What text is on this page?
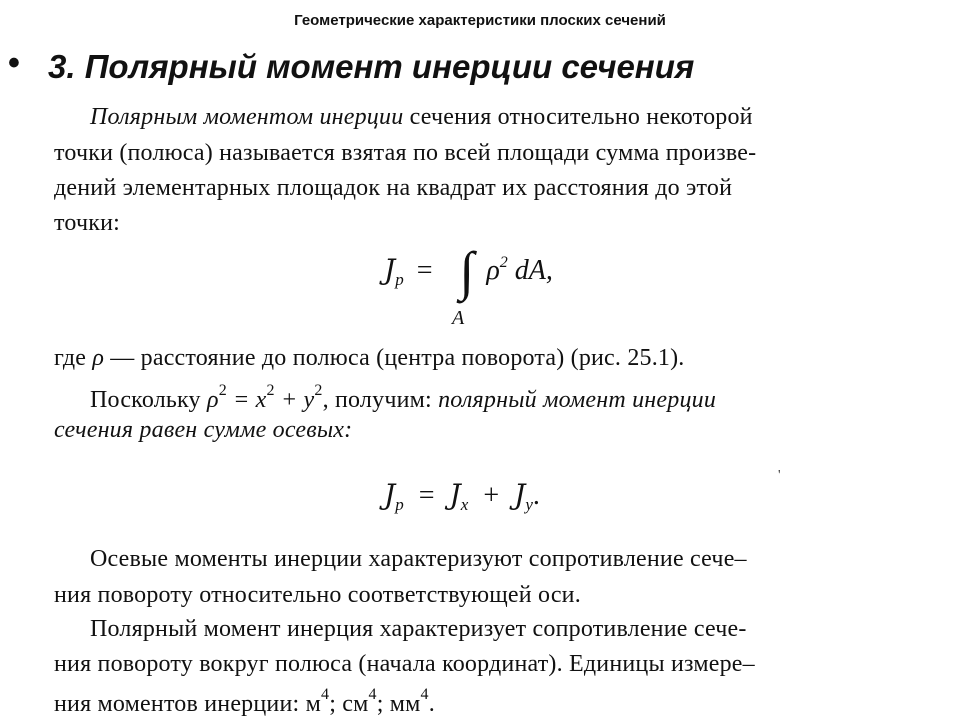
Геометрические характеристики плоских сечений
• 3. Полярный момент инерции сечения
Полярным моментом инерции сечения относительно некоторой
точки (полюса) называется взятая по всей площади сумма произве-
дений элементарных площадок на квадрат их расстояния до этой
точки:
$J_p$ = ∫ $\rho^2$ dA,
A
где ρ — расстояние до полюса (центра поворота) (рис. 25.1).
Поскольку $\rho^2 = x^2 + y^2$, получим: полярный момент инерции
сечения равен сумме осевых:
'
$J_p = J_x + J_y$.
Осевые моменты инерции характеризуют сопротивление сече–
ния повороту относительно соответствующей оси.
Полярный момент инерция характеризует сопротивление сече-
ния повороту вокруг полюса (начала координат). Единицы измере–
ния моментов инерции: $м^4$; $см^4$; $мм^4$.
